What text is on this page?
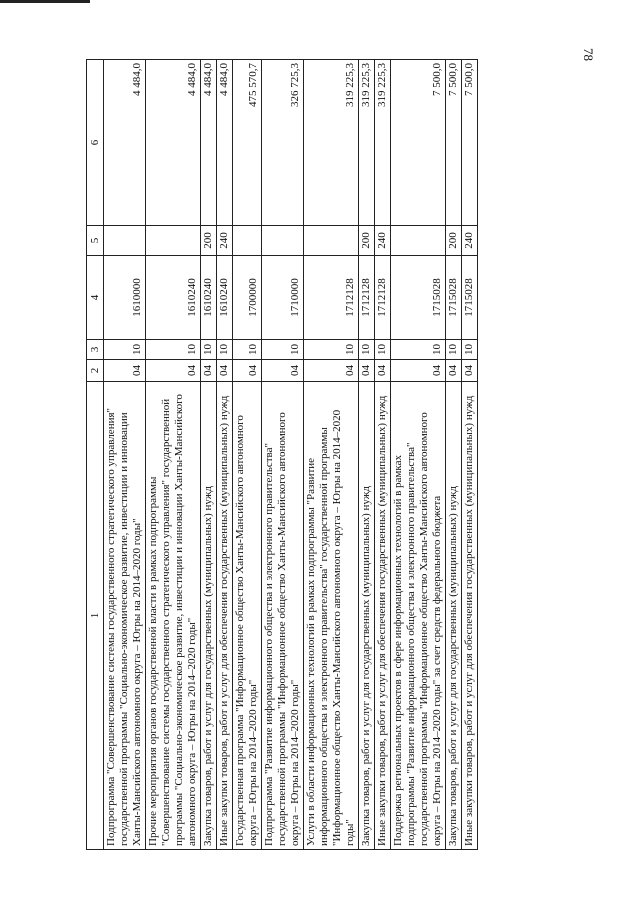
78
1	2	3	4	5	6
Подпрограмма "Совершенствование системы государственного стратегического управления" государственной программы "Социально-экономическое развитие, инвестиции и инновации Ханты-Мансийского автономного округа – Югры на 2014–2020 годы"	04	10	1610000		4 484,0
Прочие мероприятия органов государственной власти в рамках подпрограммы "Совершенствование системы государственного стратегического управления" государственной программы "Социально-экономическое развитие, инвестиции и инновации Ханты-Мансийского автономного округа – Югры на 2014–2020 годы"	04	10	1610240		4 484,0
Закупка товаров, работ и услуг для государственных (муниципальных) нужд	04	10	1610240	200	4 484,0
Иные закупки товаров, работ и услуг для обеспечения государственных (муниципальных) нужд	04	10	1610240	240	4 484,0
Государственная программа "Информационное общество Ханты-Мансийского автономного округа – Югры на 2014–2020 годы"	04	10	1700000		475 570,7
Подпрограмма "Развитие информационного общества и электронного правительства" государственной программы "Информационное общество Ханты-Мансийского автономного округа – Югры на 2014–2020 годы"	04	10	1710000		326 725,3
Услуги в области информационных технологий в рамках подпрограммы "Развитие информационного общества и электронного правительства" государственной программы "Информационное общество Ханты-Мансийского автономного округа – Югры на 2014–2020 годы"	04	10	1712128		319 225,3
Закупка товаров, работ и услуг для государственных (муниципальных) нужд	04	10	1712128	200	319 225,3
Иные закупки товаров, работ и услуг для обеспечения государственных (муниципальных) нужд	04	10	1712128	240	319 225,3
Поддержка региональных проектов в сфере информационных технологий в рамках подпрограммы "Развитие информационного общества и электронного правительства" государственной программы "Информационное общество Ханты-Мансийского автономного округа – Югры на 2014–2020 годы" за счет средств федерального бюджета	04	10	1715028		7 500,0
Закупка товаров, работ и услуг для государственных (муниципальных) нужд	04	10	1715028	200	7 500,0
Иные закупки товаров, работ и услуг для обеспечения государственных (муниципальных) нужд	04	10	1715028	240	7 500,0
